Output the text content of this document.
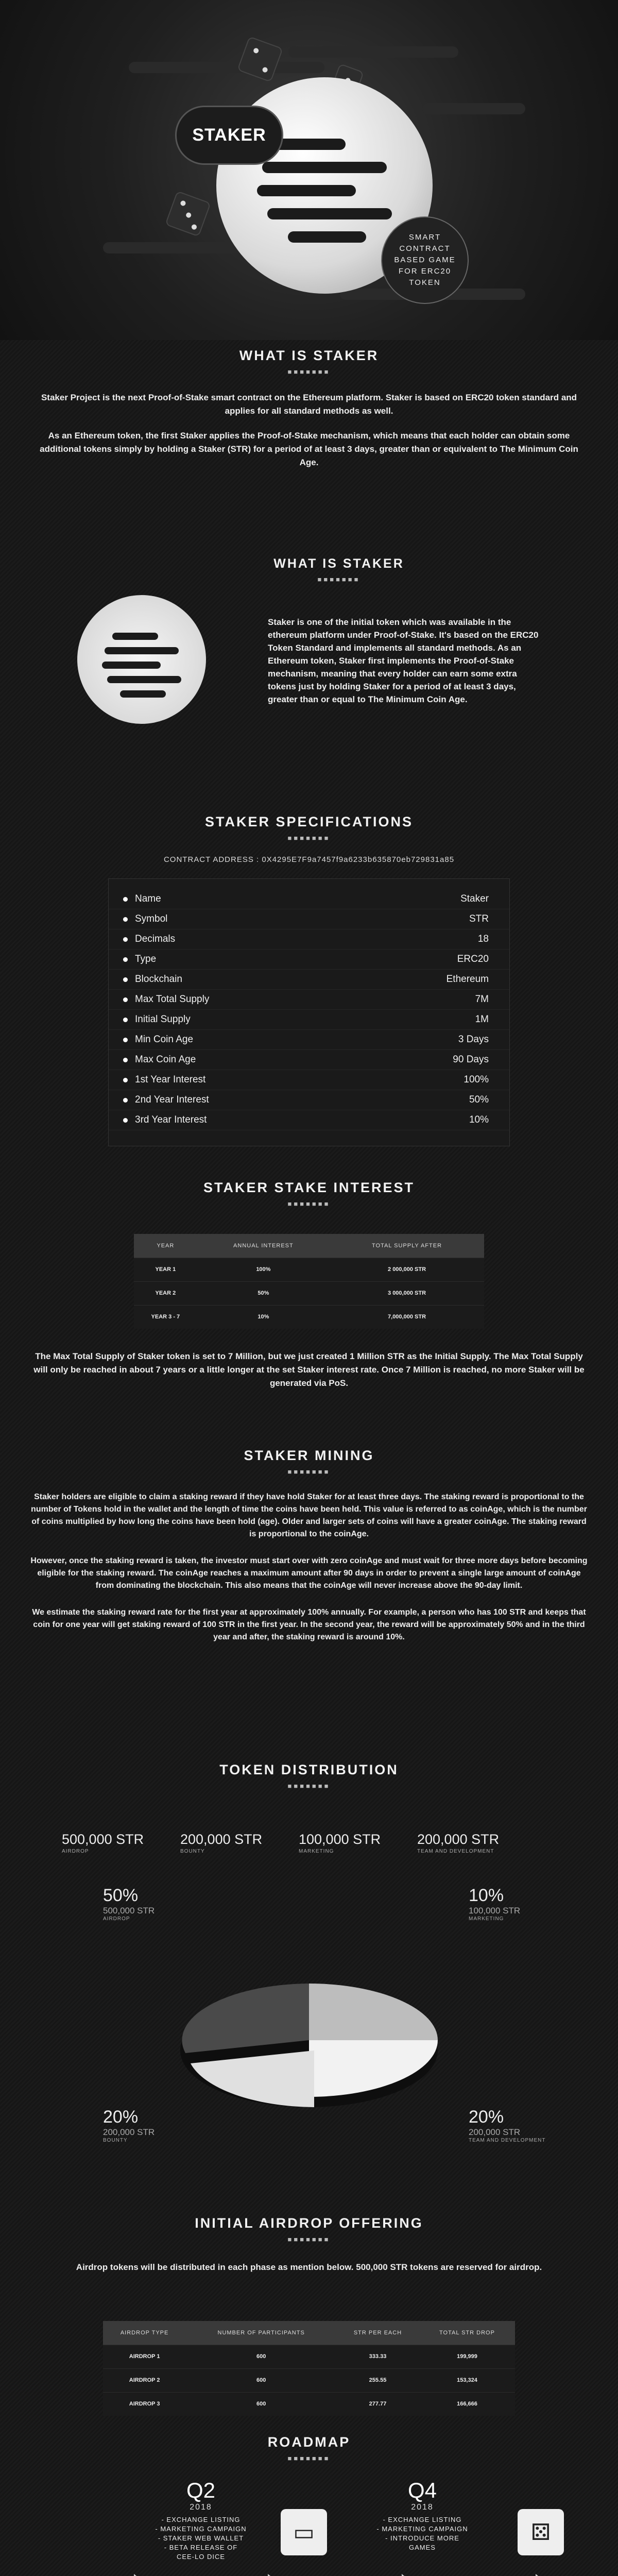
STAKER
SMART
CONTRACT
BASED GAME
FOR ERC20
TOKEN
WHAT IS STAKER
■■■■■■■

Staker Project is the next Proof-of-Stake smart contract on the Ethereum platform. Staker is based on ERC20 token standard and applies for all standard methods as well.

As an Ethereum token, the first Staker applies the Proof-of-Stake mechanism, which means that each holder can obtain some additional tokens simply by holding a Staker (STR) for a period of at least 3 days, greater than or equivalent to The Minimum Coin Age.

WHAT IS STAKER
■■■■■■■

Staker is one of the initial token which was available in the ethereum platform under Proof-of-Stake. It's based on the ERC20 Token Standard and implements all standard methods. As an Ethereum token, Staker first implements the Proof-of-Stake mechanism, meaning that every holder can earn some extra tokens just by holding Staker for a period of at least 3 days, greater than or equal to The Minimum Coin Age.

STAKER SPECIFICATIONS
■■■■■■■
CONTRACT ADDRESS : 0X4295E7F9a7457f9a6233b635870eb729831a85
Name	Staker
Symbol	STR
Decimals	18
Type	ERC20
Blockchain	Ethereum
Max Total Supply	7M
Initial Supply	1M
Min Coin Age	3 Days
Max Coin Age	90 Days
1st Year Interest	100%
2nd Year Interest	50%
3rd Year Interest	10%
STAKER STAKE INTEREST
■■■■■■■
YEAR	ANNUAL INTEREST	TOTAL SUPPLY AFTER
YEAR 1	100%	2 000,000 STR
YEAR 2	50%	3 000,000 STR
YEAR 3 - 7	10%	7,000,000 STR

The Max Total Supply of Staker token is set to 7 Million, but we just created 1 Million STR as the Initial Supply. The Max Total Supply will only be reached in about 7 years or a little longer at the set Staker interest rate. Once 7 Million is reached, no more Staker will be generated via PoS.

STAKER MINING
■■■■■■■

Staker holders are eligible to claim a staking reward if they have hold Staker for at least three days. The staking reward is proportional to the number of Tokens hold in the wallet and the length of time the coins have been held. This value is referred to as coinAge, which is the number of coins multiplied by how long the coins have been hold (age). Older and larger sets of coins will have a greater coinAge. The staking reward is proportional to the coinAge.

However, once the staking reward is taken, the investor must start over with zero coinAge and must wait for three more days before becoming eligible for the staking reward. The coinAge reaches a maximum amount after 90 days in order to prevent a single large amount of coinAge from dominating the blockchain. This also means that the coinAge will never increase above the 90-day limit.

We estimate the staking reward rate for the first year at approximately 100% annually. For example, a person who has 100 STR and keeps that coin for one year will get staking reward of 100 STR in the first year. In the second year, the reward will be approximately 50% and in the third year and after, the staking reward is around 10%.

TOKEN DISTRIBUTION
■■■■■■■
500,000 STR
AIRDROP
200,000 STR
BOUNTY
100,000 STR
MARKETING
200,000 STR
TEAM AND DEVELOPMENT
50%
500,000 STR
AIRDROP
10%
100,000 STR
MARKETING
20%
200,000 STR
BOUNTY
20%
200,000 STR
TEAM AND DEVELOPMENT
INITIAL AIRDROP OFFERING
■■■■■■■

Airdrop tokens will be distributed in each phase as mention below. 500,000 STR tokens are reserved for airdrop.

AIRDROP TYPE	NUMBER OF PARTICIPANTS	STR PER EACH	TOTAL STR DROP
AIRDROP 1	600	333.33	199,999
AIRDROP 2	600	255.55	153,324
AIRDROP 3	600	277.77	166,666
ROADMAP
■■■■■■■
▭	⚄
Q2
2018
- EXCHANGE LISTING
- MARKETING CAMPAIGN
- STAKER WEB WALLET
- BETA RELEASE OF
CEE-LO DICE
Q4
2018
- EXCHANGE LISTING
- MARKETING CAMPAIGN
- INTRODUCE MORE
GAMES
